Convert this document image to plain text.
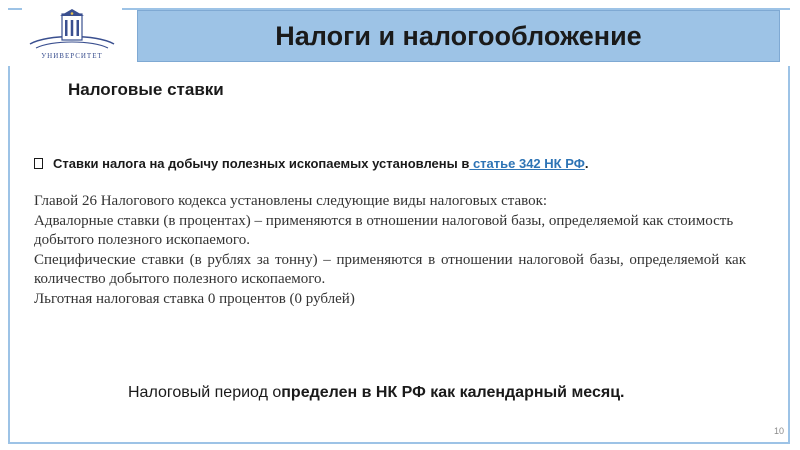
УНИВЕРСИТЕТ
Налоги и налогообложение
Налоговые ставки
Ставки налога на добычу полезных ископаемых установлены в статье 342 НК РФ.

Главой 26 Налогового кодекса установлены следующие виды налоговых ставок:

Адвалорные ставки (в процентах) – применяются в отношении налоговой базы, определяемой как стоимость добытого полезного ископаемого.

Специфические ставки (в рублях за тонну) – применяются в отношении налоговой базы, определяемой как количество добытого полезного ископаемого.

Льготная налоговая ставка 0 процентов (0 рублей)

Налоговый период определен в НК РФ как календарный месяц.
10
